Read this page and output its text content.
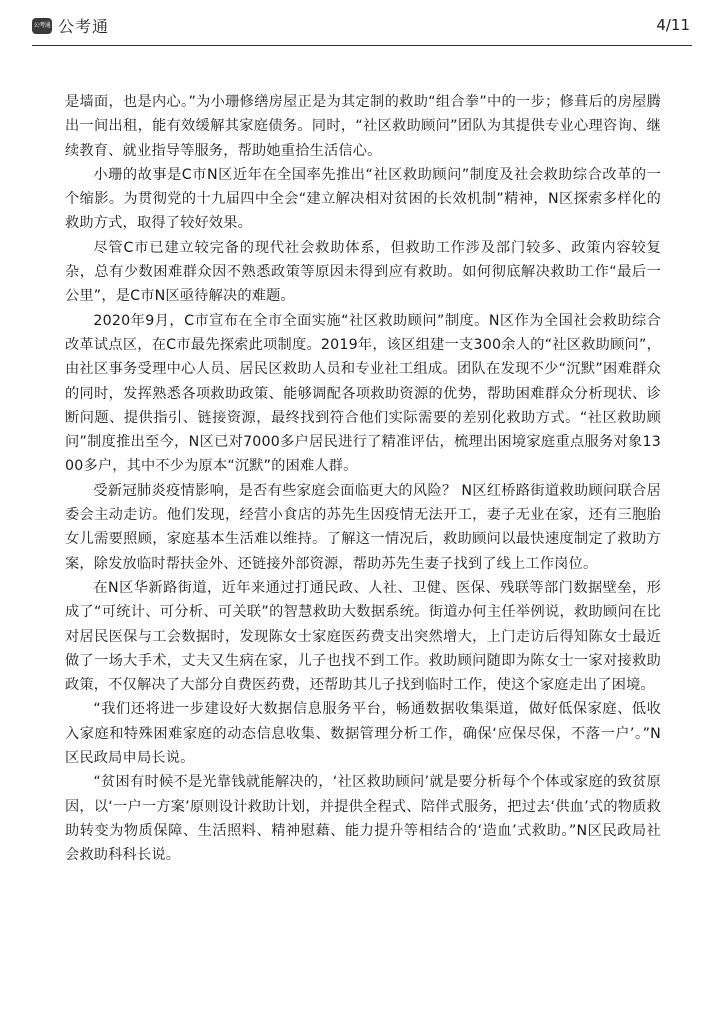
公考通 公考通	4/11

是墙面，也是内心。”为小珊修缮房屋正是为其定制的救助“组合拳”中的一步；修葺后的房屋腾出一间出租，能有效缓解其家庭债务。同时，“社区救助顾问”团队为其提供专业心理咨询、继续教育、就业指导等服务，帮助她重拾生活信心。

小珊的故事是C市N区近年在全国率先推出“社区救助顾问”制度及社会救助综合改革的一个缩影。为贯彻党的十九届四中全会“建立解决相对贫困的长效机制”精神，N区探索多样化的救助方式，取得了较好效果。

尽管C市已建立较完备的现代社会救助体系，但救助工作涉及部门较多、政策内容较复杂，总有少数困难群众因不熟悉政策等原因未得到应有救助。如何彻底解决救助工作“最后一公里”，是C市N区亟待解决的难题。

2020年9月，C市宣布在全市全面实施“社区救助顾问”制度。N区作为全国社会救助综合改革试点区，在C市最先探索此项制度。2019年，该区组建一支300余人的“社区救助顾问”，由社区事务受理中心人员、居民区救助人员和专业社工组成。团队在发现不少“沉默”困难群众的同时，发挥熟悉各项救助政策、能够调配各项救助资源的优势，帮助困难群众分析现状、诊断问题、提供指引、链接资源，最终找到符合他们实际需要的差别化救助方式。“社区救助顾问”制度推出至今，N区已对7000多户居民进行了精准评估，梳理出困境家庭重点服务对象1300多户，其中不少为原本“沉默”的困难人群。

受新冠肺炎疫情影响，是否有些家庭会面临更大的风险？ N区红桥路街道救助顾问联合居委会主动走访。他们发现，经营小食店的苏先生因疫情无法开工，妻子无业在家，还有三胞胎女儿需要照顾，家庭基本生活难以维持。了解这一情况后，救助顾问以最快速度制定了救助方案，除发放临时帮扶金外、还链接外部资源，帮助苏先生妻子找到了线上工作岗位。

在N区华新路街道，近年来通过打通民政、人社、卫健、医保、残联等部门数据壁垒，形成了“可统计、可分析、可关联”的智慧救助大数据系统。街道办何主任举例说，救助顾问在比对居民医保与工会数据时，发现陈女士家庭医药费支出突然增大，上门走访后得知陈女士最近做了一场大手术，丈夫又生病在家，儿子也找不到工作。救助顾问随即为陈女士一家对接救助政策，不仅解决了大部分自费医药费，还帮助其儿子找到临时工作，使这个家庭走出了困境。

“我们还将进一步建设好大数据信息服务平台，畅通数据收集渠道，做好低保家庭、低收入家庭和特殊困难家庭的动态信息收集、数据管理分析工作，确保‘应保尽保，不落一户’。”N区民政局申局长说。

“贫困有时候不是光靠钱就能解决的，‘社区救助顾问’就是要分析每个个体或家庭的致贫原因，以‘一户一方案’原则设计救助计划，并提供全程式、陪伴式服务，把过去‘供血’式的物质救助转变为物质保障、生活照料、精神慰藉、能力提升等相结合的‘造血’式救助。”N区民政局社会救助科科长说。
